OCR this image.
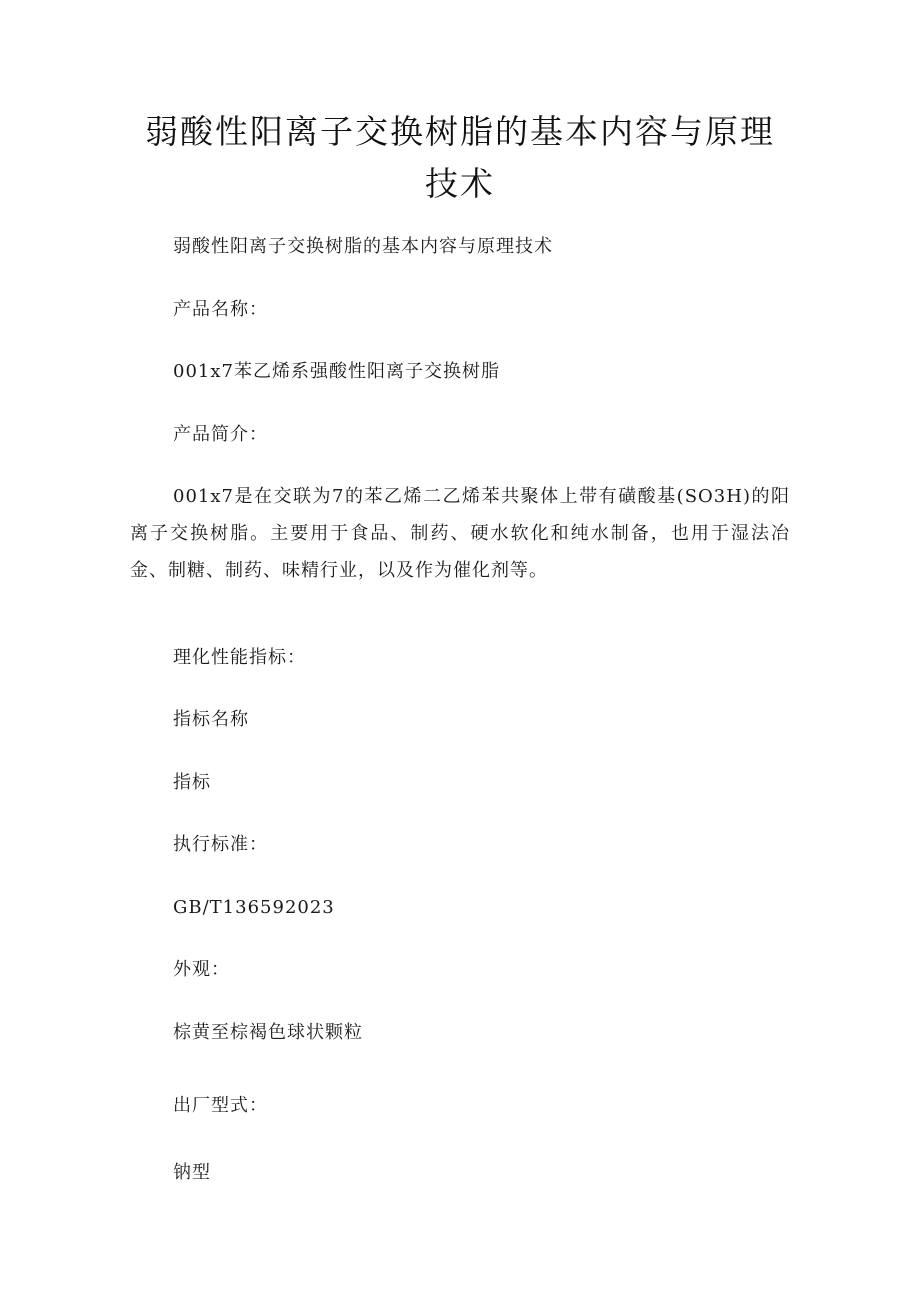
弱酸性阳离子交换树脂的基本内容与原理技术

弱酸性阳离子交换树脂的基本内容与原理技术

产品名称：

001x7苯乙烯系强酸性阳离子交换树脂

产品简介：

001x7是在交联为7的苯乙烯二乙烯苯共聚体上带有磺酸基(SO3H)的阳离子交换树脂。主要用于食品、制药、硬水软化和纯水制备，也用于湿法冶金、制糖、制药、味精行业，以及作为催化剂等。

理化性能指标：

指标名称

指标

执行标准：

GB/T136592023

外观：

棕黄至棕褐色球状颗粒

出厂型式：

钠型
